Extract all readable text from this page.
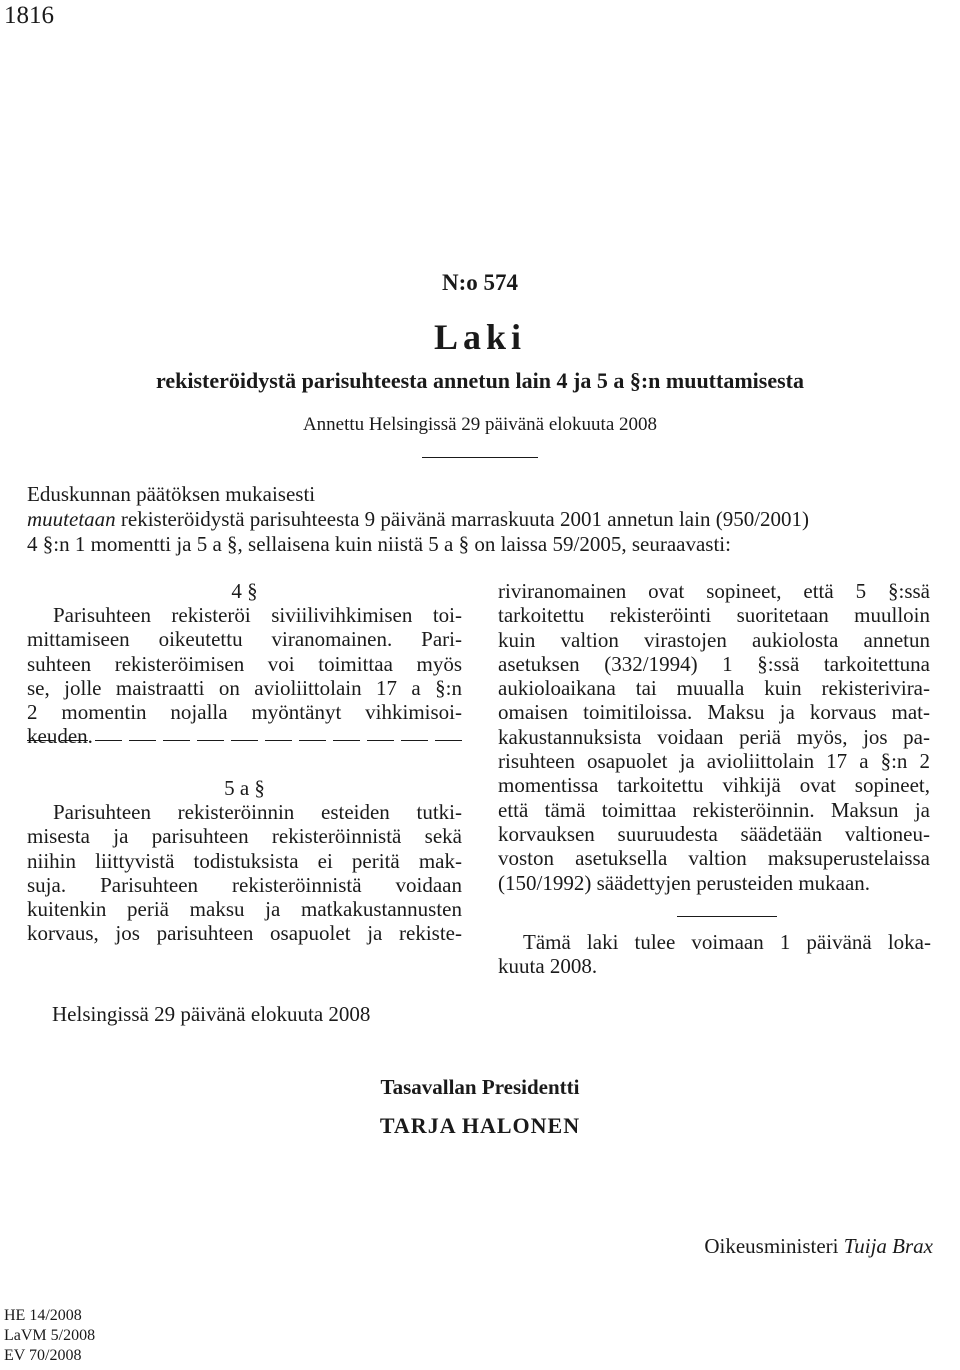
1816
N:o 574
Laki
rekisteröidystä parisuhteesta annetun lain 4 ja 5 a §:n muuttamisesta
Annettu Helsingissä 29 päivänä elokuuta 2008
Eduskunnan päätöksen mukaisesti
muutetaan rekisteröidystä parisuhteesta 9 päivänä marraskuuta 2001 annetun lain (950/2001)
4 §:n 1 momentti ja 5 a §, sellaisena kuin niistä 5 a § on laissa 59/2005, seuraavasti:
4 §
Parisuhteen rekisteröi siviilivihkimisen toi-
mittamiseen oikeutettu viranomainen. Pari-
suhteen rekisteröimisen voi toimittaa myös
se, jolle maistraatti on avioliittolain 17 a §:n
2 momentin nojalla myöntänyt vihkimisoi-
keuden.
5 a §
Parisuhteen rekisteröinnin esteiden tutki-
misesta ja parisuhteen rekisteröinnistä sekä
niihin liittyvistä todistuksista ei peritä mak-
suja. Parisuhteen rekisteröinnistä voidaan
kuitenkin periä maksu ja matkakustannusten
korvaus, jos parisuhteen osapuolet ja rekiste-
riviranomainen ovat sopineet, että 5 §:ssä
tarkoitettu rekisteröinti suoritetaan muulloin
kuin valtion virastojen aukiolosta annetun
asetuksen (332/1994) 1 §:ssä tarkoitettuna
aukioloaikana tai muualla kuin rekisterivira-
omaisen toimitiloissa. Maksu ja korvaus mat-
kakustannuksista voidaan periä myös, jos pa-
risuhteen osapuolet ja avioliittolain 17 a §:n 2
momentissa tarkoitettu vihkijä ovat sopineet,
että tämä toimittaa rekisteröinnin. Maksun ja
korvauksen suuruudesta säädetään valtioneu-
voston asetuksella valtion maksuperustelaissa
(150/1992) säädettyjen perusteiden mukaan.
Tämä laki tulee voimaan 1 päivänä loka-
kuuta 2008.
Helsingissä 29 päivänä elokuuta 2008
Tasavallan Presidentti
TARJA HALONEN
Oikeusministeri Tuija Brax
HE 14/2008
LaVM 5/2008
EV 70/2008
